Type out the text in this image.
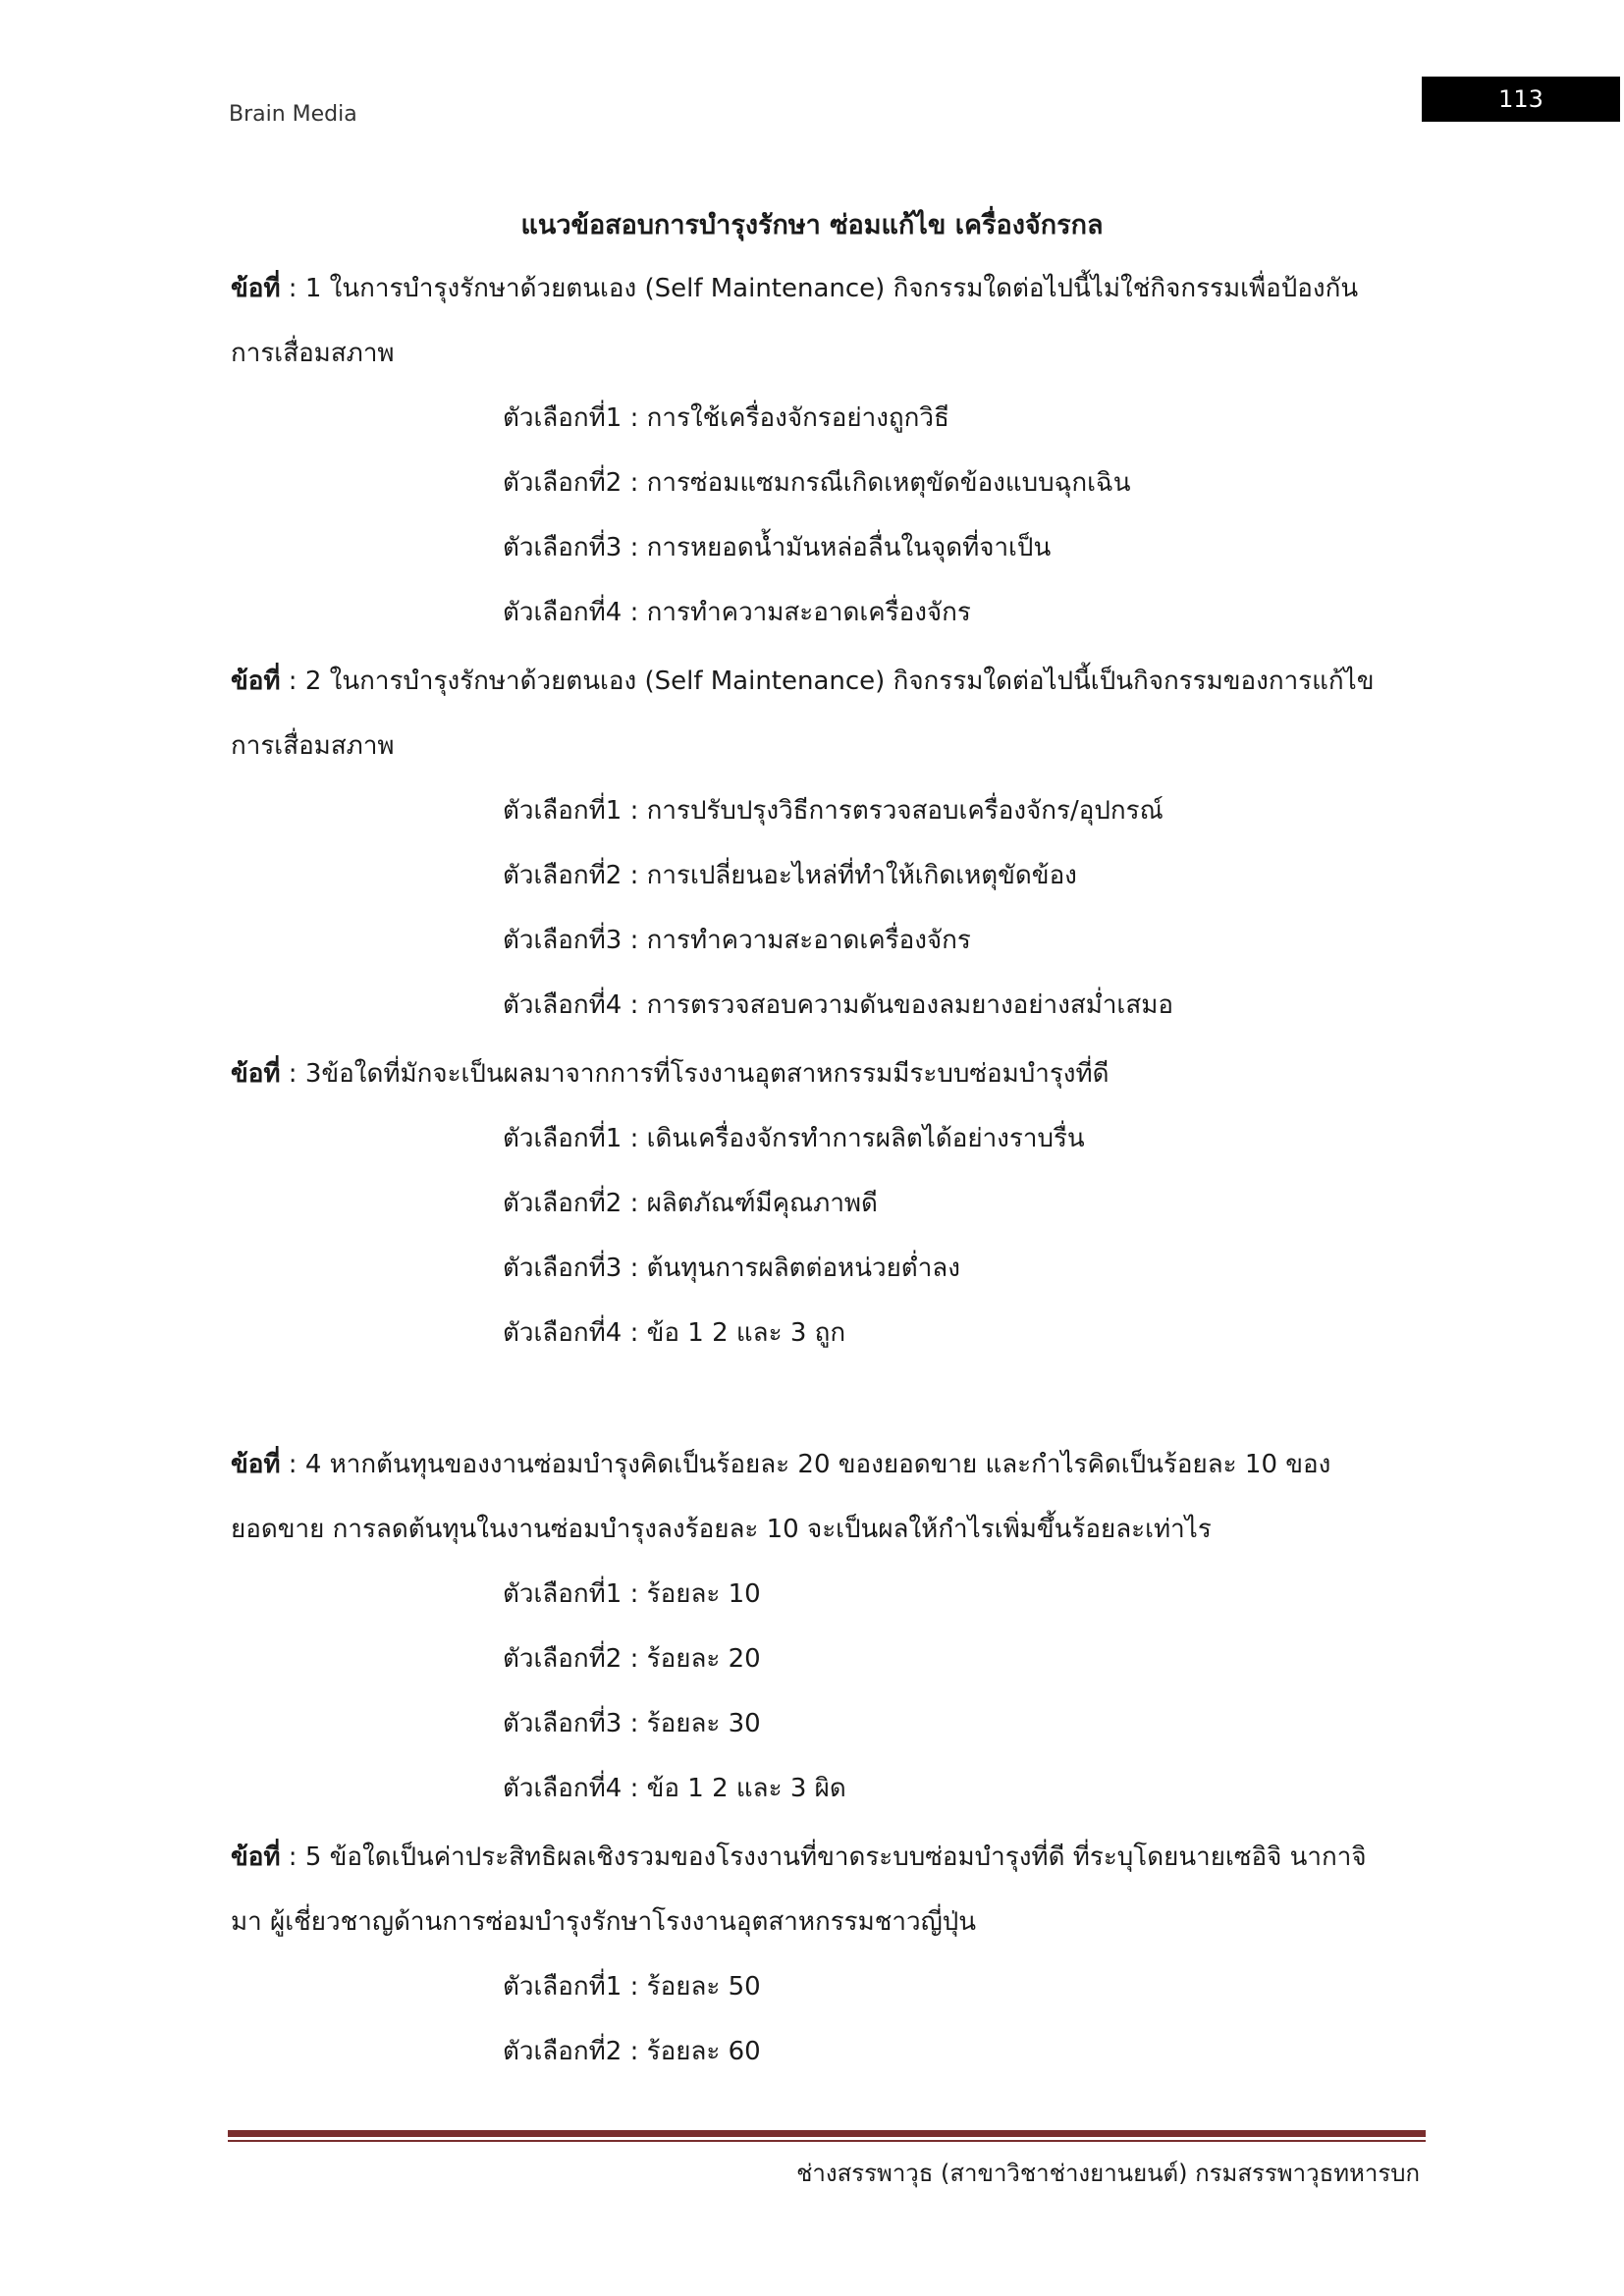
Brain Media
113
แนวข้อสอบการบำรุงรักษา ซ่อมแก้ไข เครื่องจักรกล
ข้อที่ : 1 ในการบำรุงรักษาด้วยตนเอง (Self Maintenance) กิจกรรมใดต่อไปนี้ไม่ใช่กิจกรรมเพื่อป้องกัน
การเสื่อมสภาพ
ตัวเลือกที่1 : การใช้เครื่องจักรอย่างถูกวิธี
ตัวเลือกที่2 : การซ่อมแซมกรณีเกิดเหตุขัดข้องแบบฉุกเฉิน
ตัวเลือกที่3 : การหยอดน้ำมันหล่อลื่นในจุดที่จาเป็น
ตัวเลือกที่4 : การทำความสะอาดเครื่องจักร
ข้อที่ : 2 ในการบำรุงรักษาด้วยตนเอง (Self Maintenance) กิจกรรมใดต่อไปนี้เป็นกิจกรรมของการแก้ไข
การเสื่อมสภาพ
ตัวเลือกที่1 : การปรับปรุงวิธีการตรวจสอบเครื่องจักร/อุปกรณ์
ตัวเลือกที่2 : การเปลี่ยนอะไหล่ที่ทำให้เกิดเหตุขัดข้อง
ตัวเลือกที่3 : การทำความสะอาดเครื่องจักร
ตัวเลือกที่4 : การตรวจสอบความดันของลมยางอย่างสม่ำเสมอ
ข้อที่ : 3ข้อใดที่มักจะเป็นผลมาจากการที่โรงงานอุตสาหกรรมมีระบบซ่อมบำรุงที่ดี
ตัวเลือกที่1 : เดินเครื่องจักรทำการผลิตได้อย่างราบรื่น
ตัวเลือกที่2 : ผลิตภัณฑ์มีคุณภาพดี
ตัวเลือกที่3 : ต้นทุนการผลิตต่อหน่วยต่ำลง
ตัวเลือกที่4 : ข้อ 1 2 และ 3 ถูก
ข้อที่ : 4 หากต้นทุนของงานซ่อมบำรุงคิดเป็นร้อยละ 20 ของยอดขาย และกำไรคิดเป็นร้อยละ 10 ของ
ยอดขาย การลดต้นทุนในงานซ่อมบำรุงลงร้อยละ 10 จะเป็นผลให้กำไรเพิ่มขึ้นร้อยละเท่าไร
ตัวเลือกที่1 : ร้อยละ 10
ตัวเลือกที่2 : ร้อยละ 20
ตัวเลือกที่3 : ร้อยละ 30
ตัวเลือกที่4 : ข้อ 1 2 และ 3 ผิด
ข้อที่ : 5 ข้อใดเป็นค่าประสิทธิผลเชิงรวมของโรงงานที่ขาดระบบซ่อมบำรุงที่ดี ที่ระบุโดยนายเซอิจิ นากาจิ
มา ผู้เชี่ยวชาญด้านการซ่อมบำรุงรักษาโรงงานอุตสาหกรรมชาวญี่ปุ่น
ตัวเลือกที่1 : ร้อยละ 50
ตัวเลือกที่2 : ร้อยละ 60
ช่างสรรพาวุธ (สาขาวิชาช่างยานยนต์) กรมสรรพาวุธทหารบก
